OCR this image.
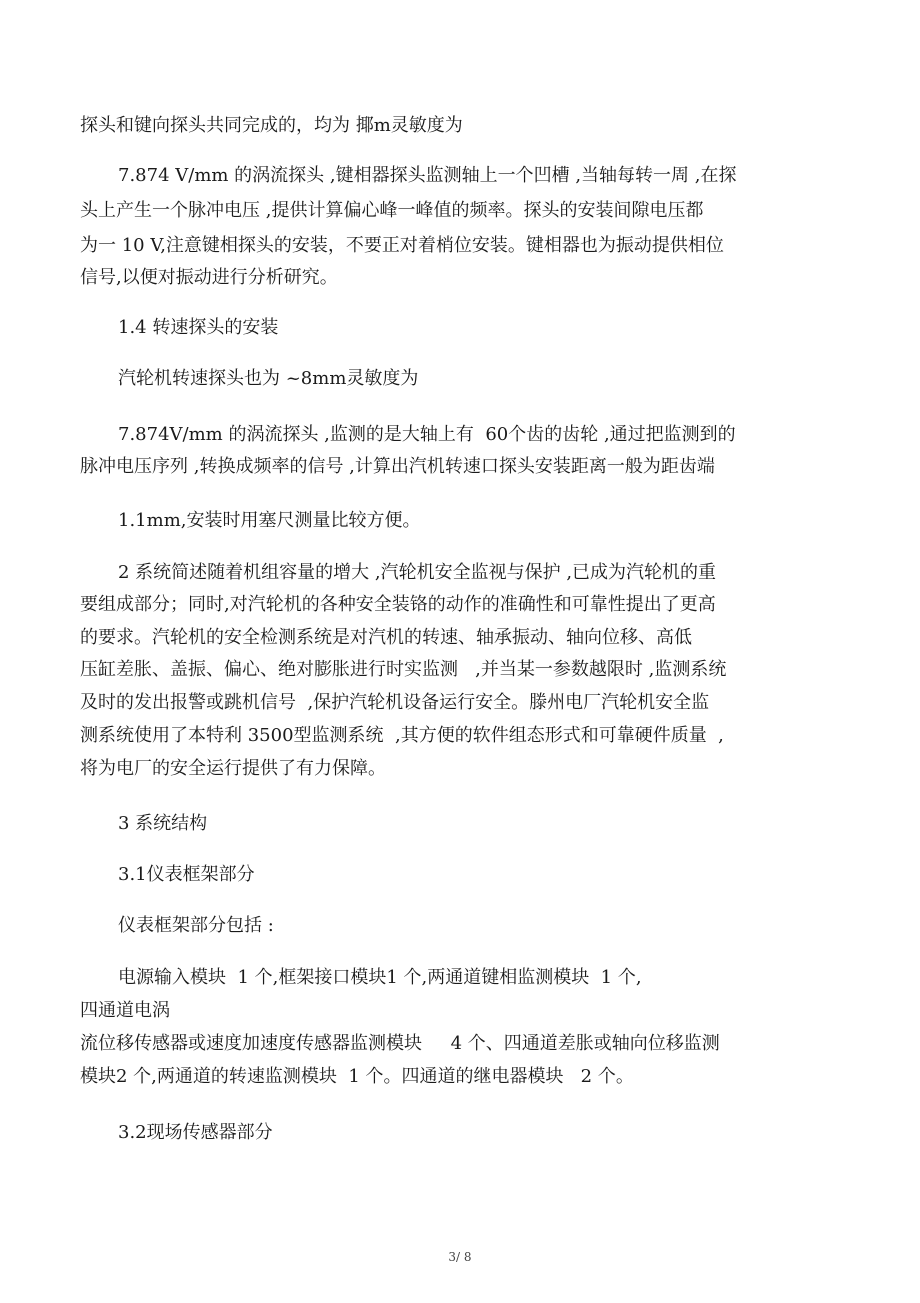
探头和键向探头共同完成的，均为 揶m灵敏度为
7.874 V/mm 的涡流探头 ,键相器探头监测轴上一个凹槽 ,当轴每转一周 ,在探
头上产生一个脉冲电压 ,提供计算偏心峰一峰值的频率。探头的安装间隙电压都
为一 10 V,注意键相探头的安装，不要正对着梢位安装。键相器也为振动提供相位
信号,以便对振动进行分析研究。
1.4 转速探头的安装
汽轮机转速探头也为 ~8mm灵敏度为
7.874V/mm 的涡流探头 ,监测的是大轴上有  60个齿的齿轮 ,通过把监测到的
脉冲电压序列 ,转换成频率的信号 ,计算出汽机转速口探头安装距离一般为距齿端
1.1mm,安装时用塞尺测量比较方便。
2 系统简述随着机组容量的增大 ,汽轮机安全监视与保护 ,已成为汽轮机的重
要组成部分；同时,对汽轮机的各种安全装铬的动作的准确性和可靠性提出了更高
的要求。汽轮机的安全检测系统是对汽机的转速、轴承振动、轴向位移、高低
压缸差胀、盖振、偏心、绝对膨胀进行时实监测   ,并当某一参数越限时 ,监测系统
及时的发出报警或跳机信号  ,保护汽轮机设备运行安全。滕州电厂汽轮机安全监
测系统使用了本特利 3500型监测系统  ,其方便的软件组态形式和可靠硬件质量  ,
将为电厂的安全运行提供了有力保障。
3 系统结构
3.1仪表框架部分
仪表框架部分包括 :
电源输入模块  1 个,框架接口模块1 个,两通道键相监测模块  1 个,
四通道电涡
流位移传感器或速度加速度传感器监测模块     4 个、四通道差胀或轴向位移监测
模块2 个,两通道的转速监测模块  1 个。四通道的继电器模块   2 个。
3.2现场传感器部分
3/ 8
